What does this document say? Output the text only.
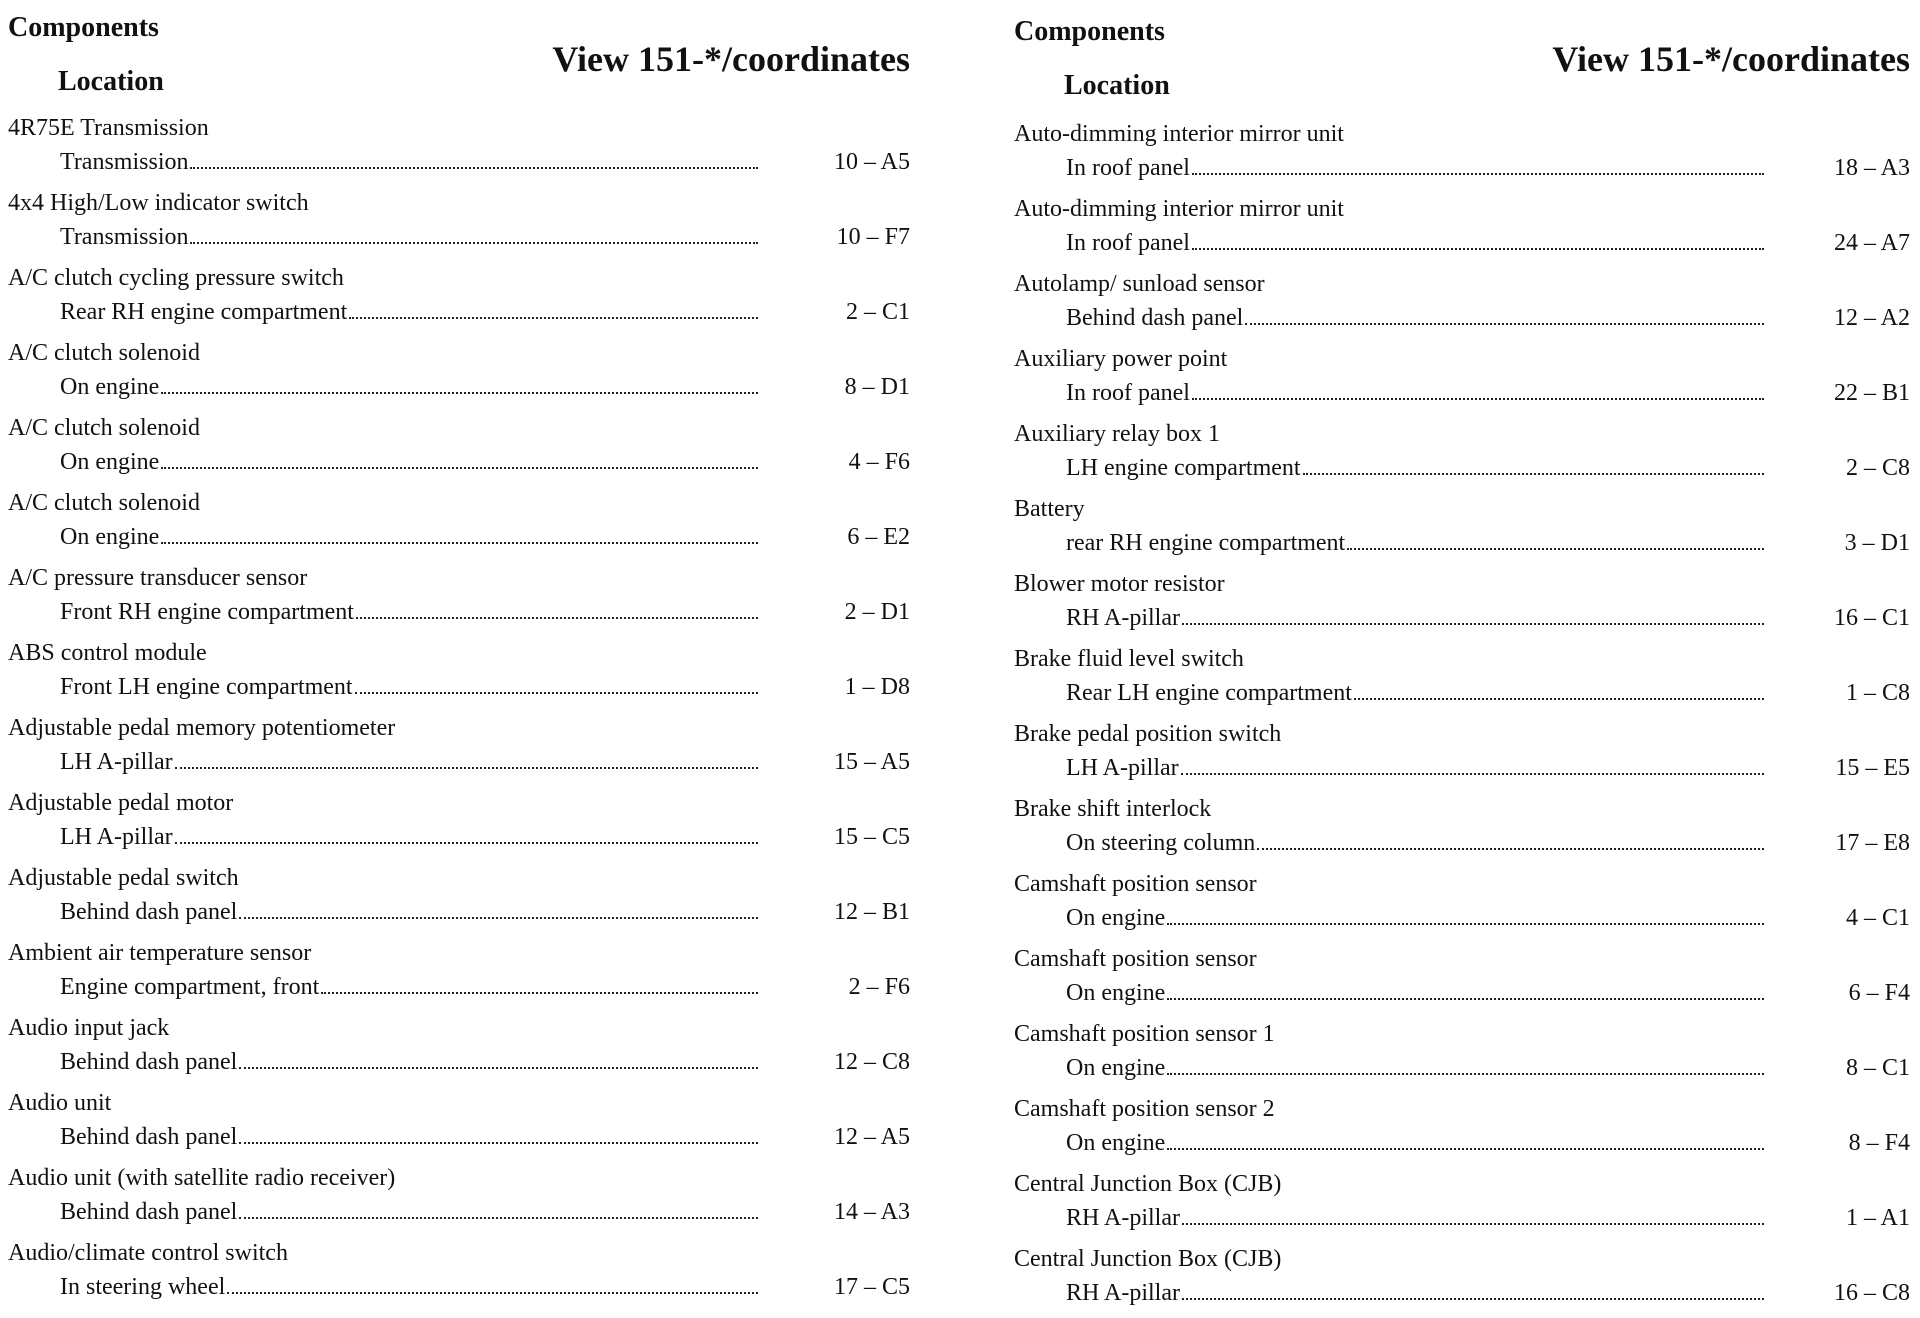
Components
Location
View 151-*/coordinates
4R75E Transmission
Transmission	10 – A5
4x4 High/Low indicator switch
Transmission	10 – F7
A/C clutch cycling pressure switch
Rear RH engine compartment	2 – C1
A/C clutch solenoid
On engine	8 – D1
A/C clutch solenoid
On engine	4 – F6
A/C clutch solenoid
On engine	6 – E2
A/C pressure transducer sensor
Front RH engine compartment	2 – D1
ABS control module
Front LH engine compartment	1 – D8
Adjustable pedal memory potentiometer
LH A-pillar	15 – A5
Adjustable pedal motor
LH A-pillar	15 – C5
Adjustable pedal switch
Behind dash panel	12 – B1
Ambient air temperature sensor
Engine compartment, front	2 – F6
Audio input jack
Behind dash panel	12 – C8
Audio unit
Behind dash panel	12 – A5
Audio unit (with satellite radio receiver)
Behind dash panel	14 – A3
Audio/climate control switch
In steering wheel	17 – C5
Components
Location
View 151-*/coordinates
Auto-dimming interior mirror unit
In roof panel	18 – A3
Auto-dimming interior mirror unit
In roof panel	24 – A7
Autolamp/ sunload sensor
Behind dash panel	12 – A2
Auxiliary power point
In roof panel	22 – B1
Auxiliary relay box 1
LH engine compartment	2 – C8
Battery
rear RH engine compartment	3 – D1
Blower motor resistor
RH A-pillar	16 – C1
Brake fluid level switch
Rear LH engine compartment	1 – C8
Brake pedal position switch
LH A-pillar	15 – E5
Brake shift interlock
On steering column	17 – E8
Camshaft position sensor
On engine	4 – C1
Camshaft position sensor
On engine	6 – F4
Camshaft position sensor 1
On engine	8 – C1
Camshaft position sensor 2
On engine	8 – F4
Central Junction Box (CJB)
RH A-pillar	1 – A1
Central Junction Box (CJB)
RH A-pillar	16 – C8
